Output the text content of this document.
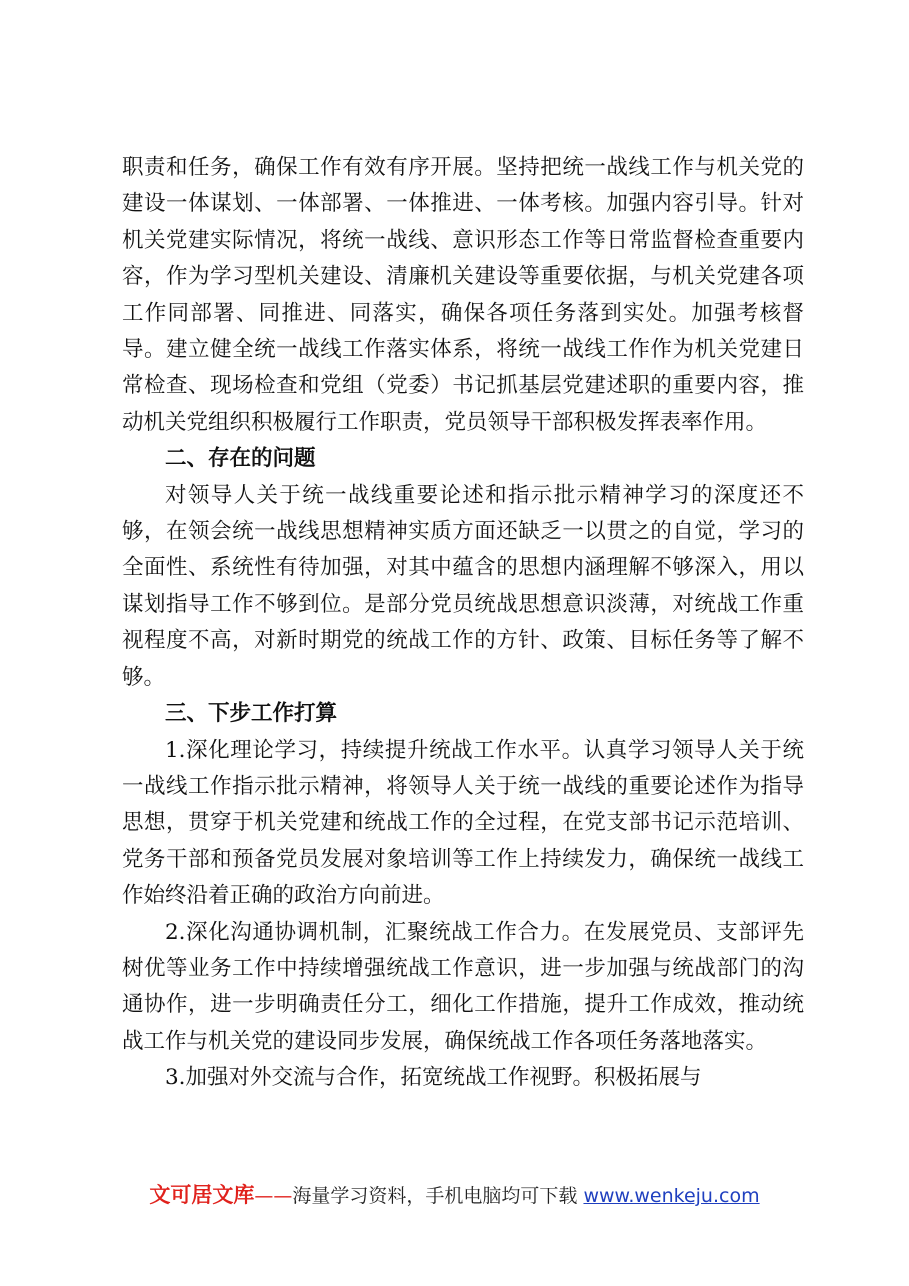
职责和任务，确保工作有效有序开展。坚持把统一战线工作与机关党的建设一体谋划、一体部署、一体推进、一体考核。加强内容引导。针对机关党建实际情况，将统一战线、意识形态工作等日常监督检查重要内容，作为学习型机关建设、清廉机关建设等重要依据，与机关党建各项工作同部署、同推进、同落实，确保各项任务落到实处。加强考核督导。建立健全统一战线工作落实体系，将统一战线工作作为机关党建日常检查、现场检查和党组（党委）书记抓基层党建述职的重要内容，推动机关党组织积极履行工作职责，党员领导干部积极发挥表率作用。

二、存在的问题

对领导人关于统一战线重要论述和指示批示精神学习的深度还不够，在领会统一战线思想精神实质方面还缺乏一以贯之的自觉，学习的全面性、系统性有待加强，对其中蕴含的思想内涵理解不够深入，用以谋划指导工作不够到位。是部分党员统战思想意识淡薄，对统战工作重视程度不高，对新时期党的统战工作的方针、政策、目标任务等了解不够。

三、下步工作打算

1.深化理论学习，持续提升统战工作水平。认真学习领导人关于统一战线工作指示批示精神，将领导人关于统一战线的重要论述作为指导思想，贯穿于机关党建和统战工作的全过程，在党支部书记示范培训、党务干部和预备党员发展对象培训等工作上持续发力，确保统一战线工作始终沿着正确的政治方向前进。

2.深化沟通协调机制，汇聚统战工作合力。在发展党员、支部评先树优等业务工作中持续增强统战工作意识，进一步加强与统战部门的沟通协作，进一步明确责任分工，细化工作措施，提升工作成效，推动统战工作与机关党的建设同步发展，确保统战工作各项任务落地落实。

3.加强对外交流与合作，拓宽统战工作视野。积极拓展与

文可居文库——海量学习资料，手机电脑均可下载 www.wenkeju.com
